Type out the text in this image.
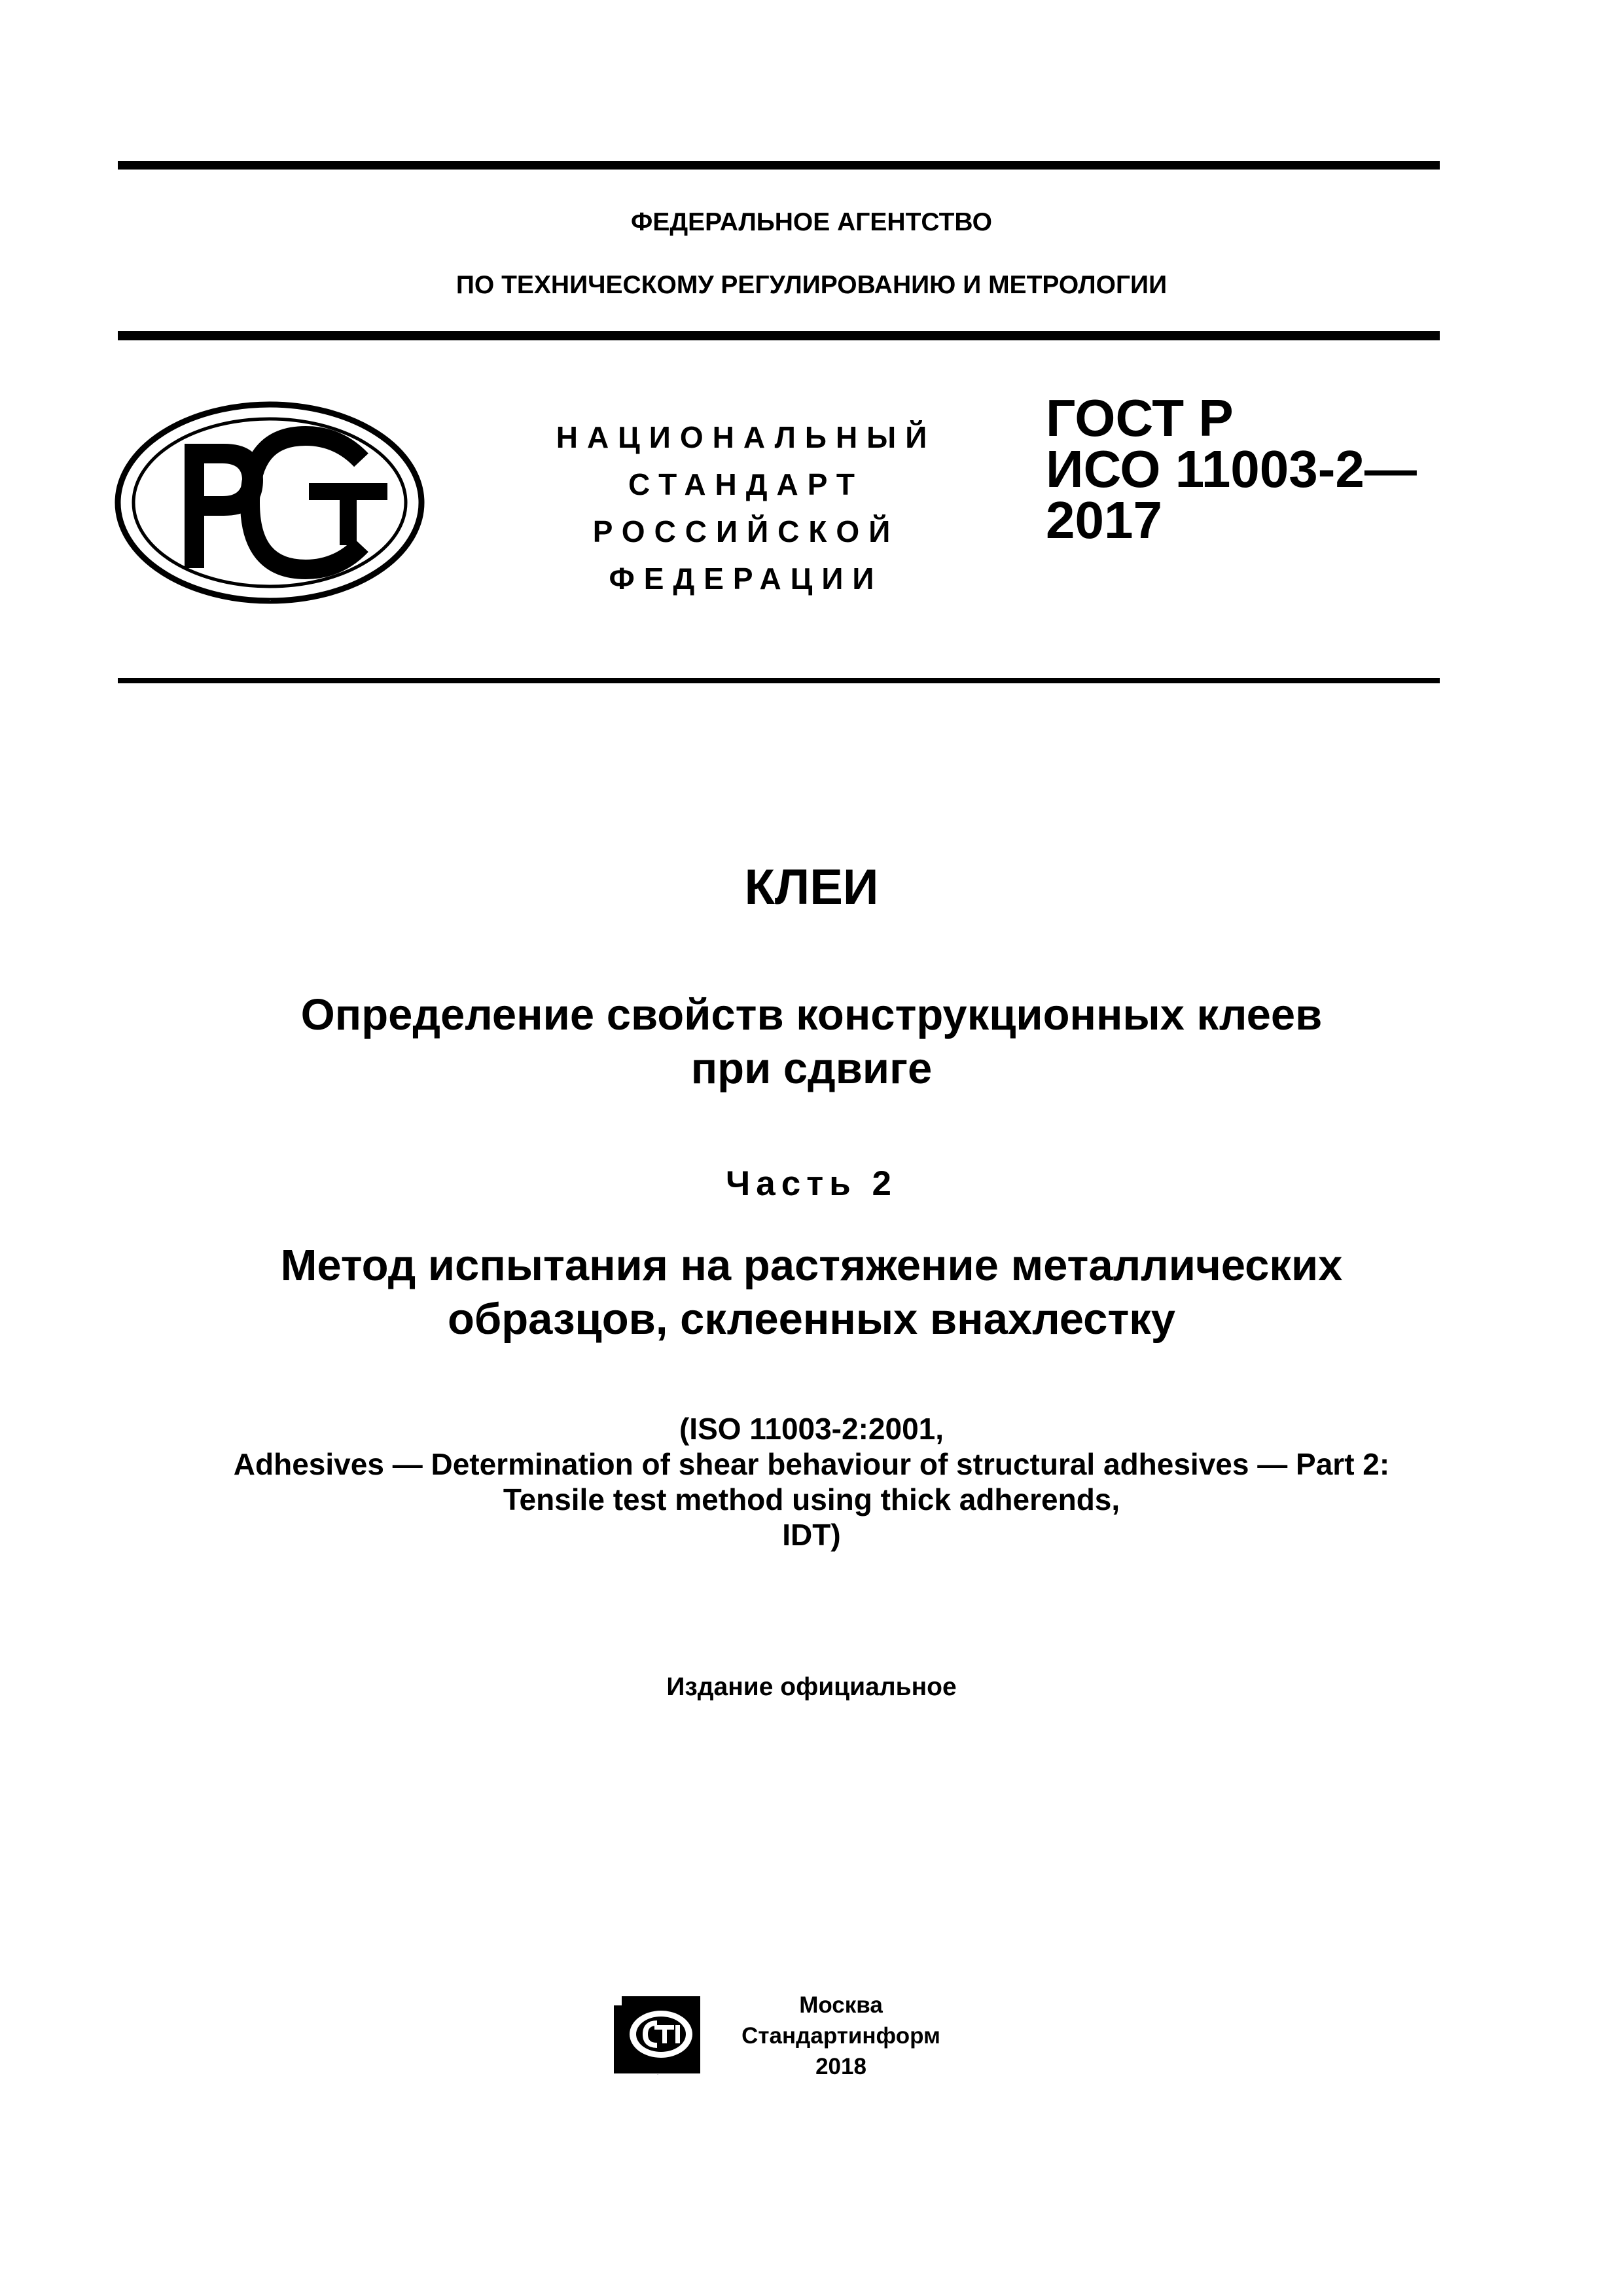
ФЕДЕРАЛЬНОЕ АГЕНТСТВО
ПО ТЕХНИЧЕСКОМУ РЕГУЛИРОВАНИЮ И МЕТРОЛОГИИ
РСТ
НАЦИОНАЛЬНЫЙ
СТАНДАРТ
РОССИЙСКОЙ
ФЕДЕРАЦИИ
ГОСТ Р
ИСО 11003-2—
2017
КЛЕИ
Определение свойств конструкционных клеев
при сдвиге
Часть 2
Метод испытания на растяжение металлических
образцов, склеенных внахлестку
(ISO 11003-2:2001,
Adhesives — Determination of shear behaviour of structural adhesives — Part 2:
Tensile test method using thick adherends,
IDT)
Издание официальное
СТИ
Москва
Стандартинформ
2018
